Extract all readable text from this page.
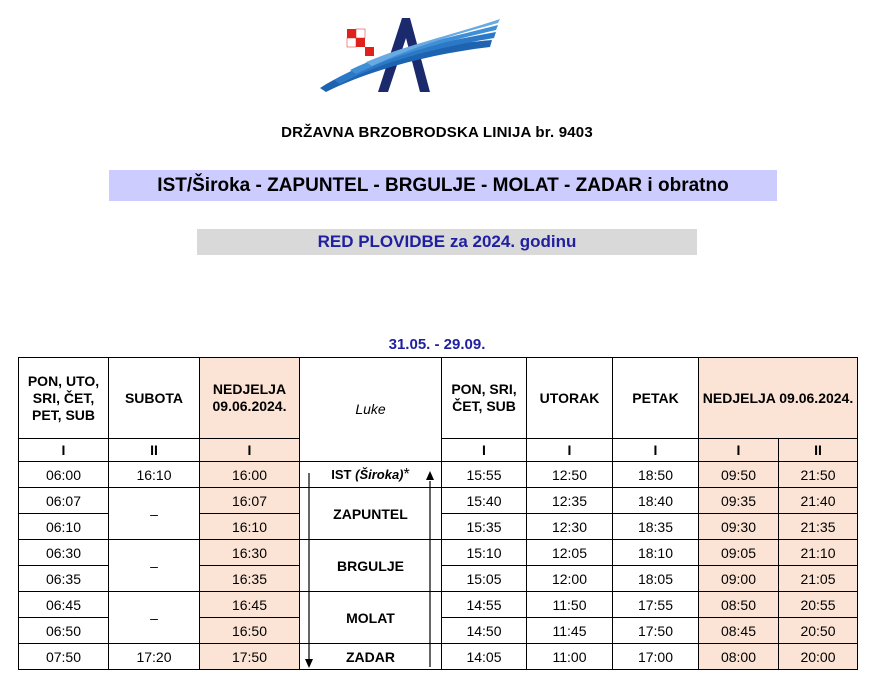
DRŽAVNA BRZOBRODSKA LINIJA br. 9403
IST/Široka - ZAPUNTEL - BRGULJE - MOLAT - ZADAR i obratno
RED PLOVIDBE za 2024. godinu
31.05. - 29.09.
PON, UTO, SRI, ČET, PET, SUB	SUBOTA	NEDJELJA 09.06.2024.	Luke	PON, SRI, ČET, SUB	UTORAK	PETAK	NEDJELJA 09.06.2024.	
I	II	I		I	I	I	I	II
06:00	16:10	16:00	IST (Široka)*	15:55	12:50	18:50	09:50	21:50
06:07	–	16:07	ZAPUNTEL	15:40	12:35	18:40	09:35	21:40
06:10		16:10		15:35	12:30	18:35	09:30	21:35
06:30	–	16:30	BRGULJE	15:10	12:05	18:10	09:05	21:10
06:35		16:35		15:05	12:00	18:05	09:00	21:05
06:45	–	16:45	MOLAT	14:55	11:50	17:55	08:50	20:55
06:50		16:50		14:50	11:45	17:50	08:45	20:50
07:50	17:20	17:50	ZADAR	14:05	11:00	17:00	08:00	20:00
